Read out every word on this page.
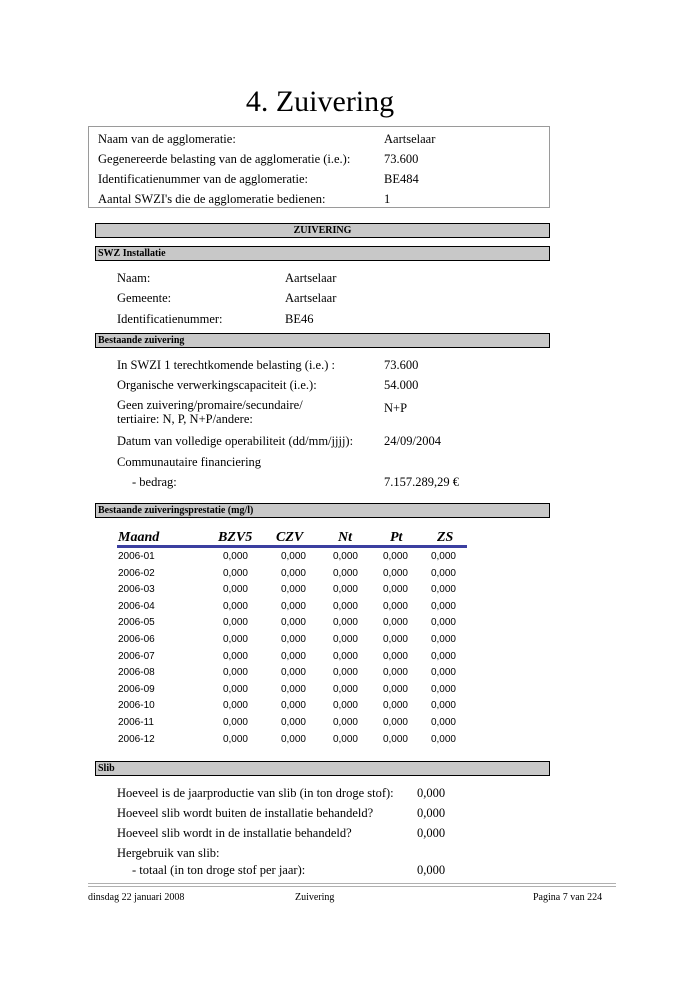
4. Zuivering
Naam van de agglomeratie:	Aartselaar
Gegenereerde belasting van de agglomeratie (i.e.):	73.600
Identificatienummer van de agglomeratie:	BE484
Aantal SWZI's die de agglomeratie bedienen:	1
ZUIVERING
SWZ Installatie
Naam:	Aartselaar
Gemeente:	Aartselaar
Identificatienummer:	BE46
Bestaande zuivering
In SWZI 1 terechtkomende belasting (i.e.) :	73.600
Organische verwerkingscapaciteit (i.e.):	54.000
Geen zuivering/promaire/secundaire/
tertiaire: N, P, N+P/andere:
N+P
Datum van volledige operabiliteit (dd/mm/jjjj): 24/09/2004
Communautaire financiering
- bedrag:	7.157.289,29 €
Bestaande zuiveringsprestatie (mg/l)
Maand	BZV5 CZV Nt	Pt ZS
2006-01	0,000	0,000	0,000	0,000	0,000
2006-02	0,000	0,000	0,000	0,000	0,000
2006-03	0,000	0,000	0,000	0,000	0,000
2006-04	0,000	0,000	0,000	0,000	0,000
2006-05	0,000	0,000	0,000	0,000	0,000
2006-06	0,000	0,000	0,000	0,000	0,000
2006-07	0,000	0,000	0,000	0,000	0,000
2006-08	0,000	0,000	0,000	0,000	0,000
2006-09	0,000	0,000	0,000	0,000	0,000
2006-10	0,000	0,000	0,000	0,000	0,000
2006-11	0,000	0,000	0,000	0,000	0,000
2006-12	0,000	0,000	0,000	0,000	0,000
Slib
Hoeveel is de jaarproductie van slib (in ton droge stof): 0,000
Hoeveel slib wordt buiten de installatie behandeld?	0,000
Hoeveel slib wordt in de installatie behandeld?	0,000
Hergebruik van slib:
- totaal (in ton droge stof per jaar):	0,000
dinsdag 22 januari 2008	Zuivering	Pagina 7 van 224
